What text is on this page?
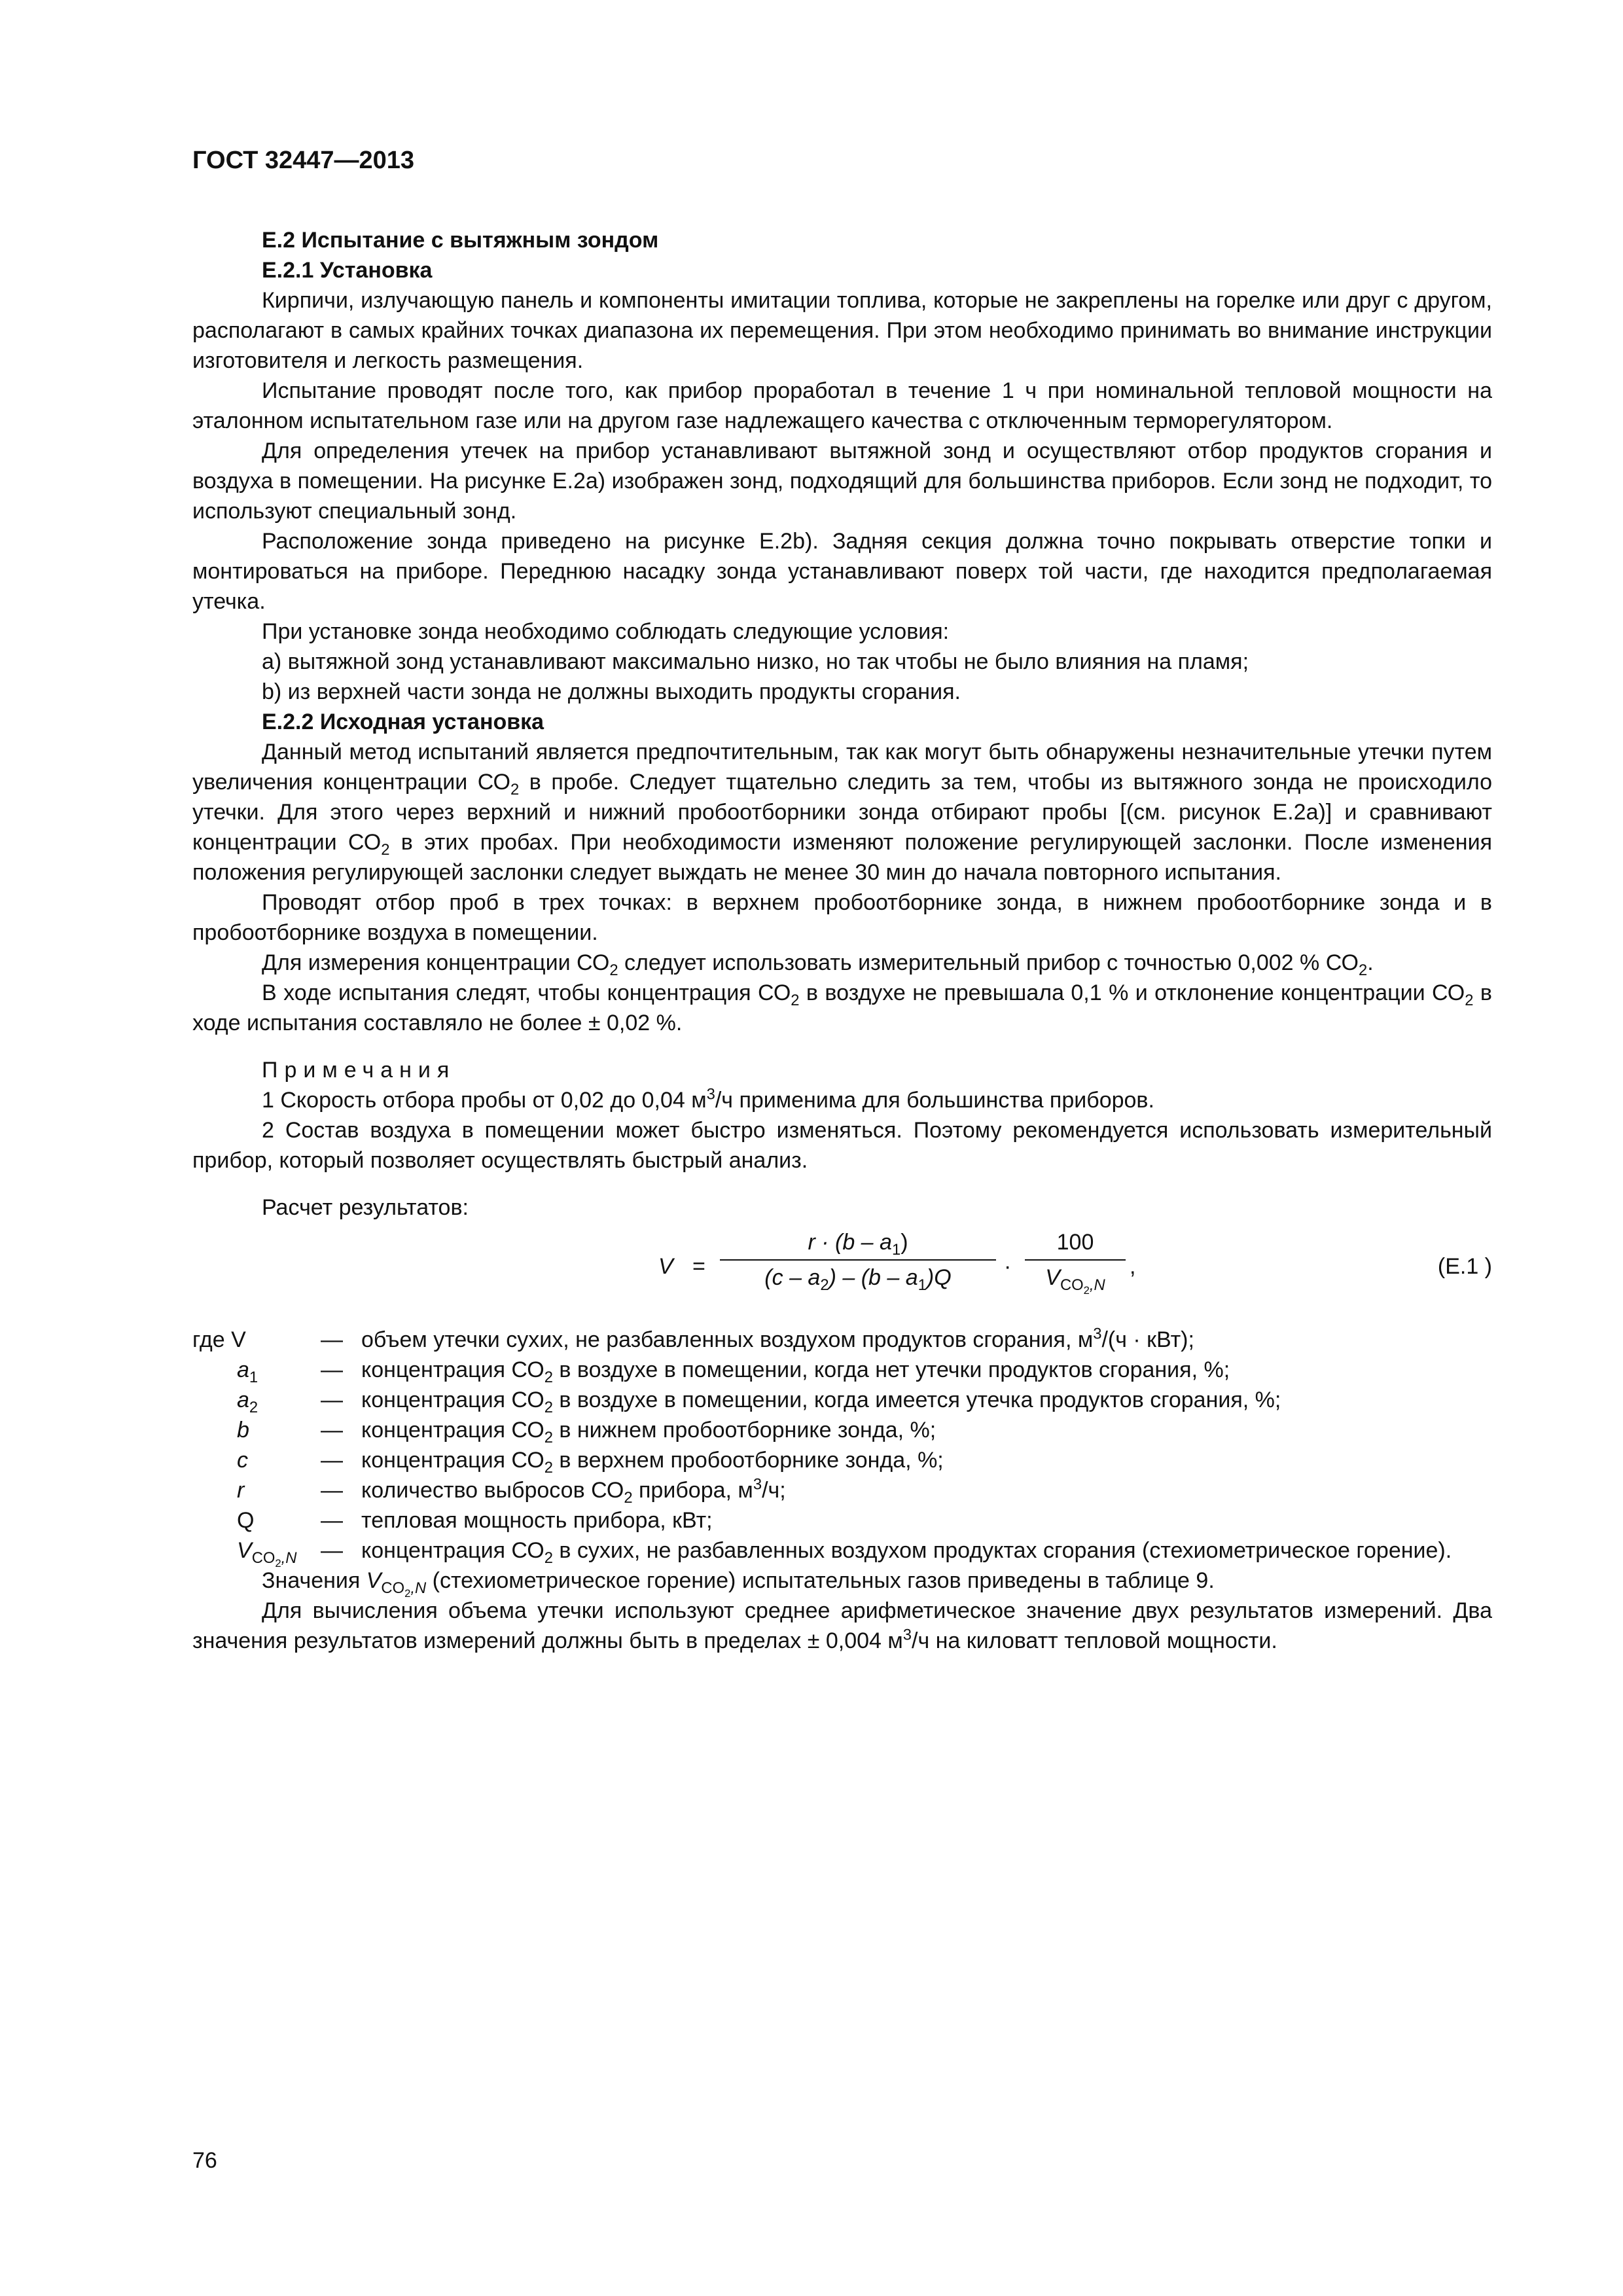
ГОСТ 32447—2013

Е.2 Испытание с вытяжным зондом

Е.2.1 Установка

Кирпичи, излучающую панель и компоненты имитации топлива, которые не закреплены на горелке или друг с другом, располагают в самых крайних точках диапазона их перемещения. При этом необходимо принимать во внимание инструкции изготовителя и легкость размещения.

Испытание проводят после того, как прибор проработал в течение 1 ч при номинальной тепловой мощности на эталонном испытательном газе или на другом газе надлежащего качества с отключенным терморегулятором.

Для определения утечек на прибор устанавливают вытяжной зонд и осуществляют отбор продуктов сгорания и воздуха в помещении. На рисунке Е.2а) изображен зонд, подходящий для большинства приборов. Если зонд не подходит, то используют специальный зонд.

Расположение зонда приведено на рисунке Е.2b). Задняя секция должна точно покрывать отверстие топки и монтироваться на приборе. Переднюю насадку зонда устанавливают поверх той части, где находится предполагаемая утечка.

При установке зонда необходимо соблюдать следующие условия:

а) вытяжной зонд устанавливают максимально низко, но так чтобы не было влияния на пламя;

b) из верхней части зонда не должны выходить продукты сгорания.

Е.2.2 Исходная установка

Данный метод испытаний является предпочтительным, так как могут быть обнаружены незначительные утечки путем увеличения концентрации $СО_2$ в пробе. Следует тщательно следить за тем, чтобы из вытяжного зонда не происходило утечки. Для этого через верхний и нижний пробоотборники зонда отбирают пробы [(см. рисунок Е.2а)] и сравнивают концентрации $СО_2$ в этих пробах. При необходимости изменяют положение регулирующей заслонки. После изменения положения регулирующей заслонки следует выждать не менее 30 мин до начала повторного испытания.

Проводят отбор проб в трех точках: в верхнем пробоотборнике зонда, в нижнем пробоотборнике зонда и в пробоотборнике воздуха в помещении.

Для измерения концентрации $СО_2$ следует использовать измерительный прибор с точностью 0,002 % $СО_2$.

В ходе испытания следят, чтобы концентрация $СО_2$ в воздухе не превышала 0,1 % и отклонение концентрации $СО_2$ в ходе испытания составляло не более ± 0,02 %.

Примечания

1 Скорость отбора пробы от 0,02 до 0,04 $м^3/ч$ применима для большинства приборов.

2 Состав воздуха в помещении может быстро изменяться. Поэтому рекомендуется использовать измерительный прибор, который позволяет осуществлять быстрый анализ.

Расчет результатов:

$V = \frac{r \cdot (b - a_1)}{(c - a_2) - (b - a_1)Q}$ ·
100
$V_{CO_2,N}$
,	(Е.1 )

где V	— объем утечки сухих, не разбавленных воздухом продуктов сгорания, $м^3/(ч \cdot кВт)$;

$a_1$	— концентрация $СО_2$ в воздухе в помещении, когда нет утечки продуктов сгорания, %;

$a_2$	— концентрация $СО_2$ в воздухе в помещении, когда имеется утечка продуктов сгорания, %;

b	— концентрация $СО_2$ в нижнем пробоотборнике зонда, %;

c	— концентрация $СО_2$ в верхнем пробоотборнике зонда, %;

r	— количество выбросов $СО_2$ прибора, $м^3/ч$;

Q	— тепловая мощность прибора, кВт;

$V_{CO_2,N}$	— концентрация $СО_2$ в сухих, не разбавленных воздухом продуктах сгорания (стехиометрическое горение).

Значения $V_{CO_2,N}$ (стехиометрическое горение) испытательных газов приведены в таблице 9.

Для вычисления объема утечки используют среднее арифметическое значение двух результатов измерений. Два значения результатов измерений должны быть в пределах ± 0,004 $м^3/ч$ на киловатт тепловой мощности.

76
